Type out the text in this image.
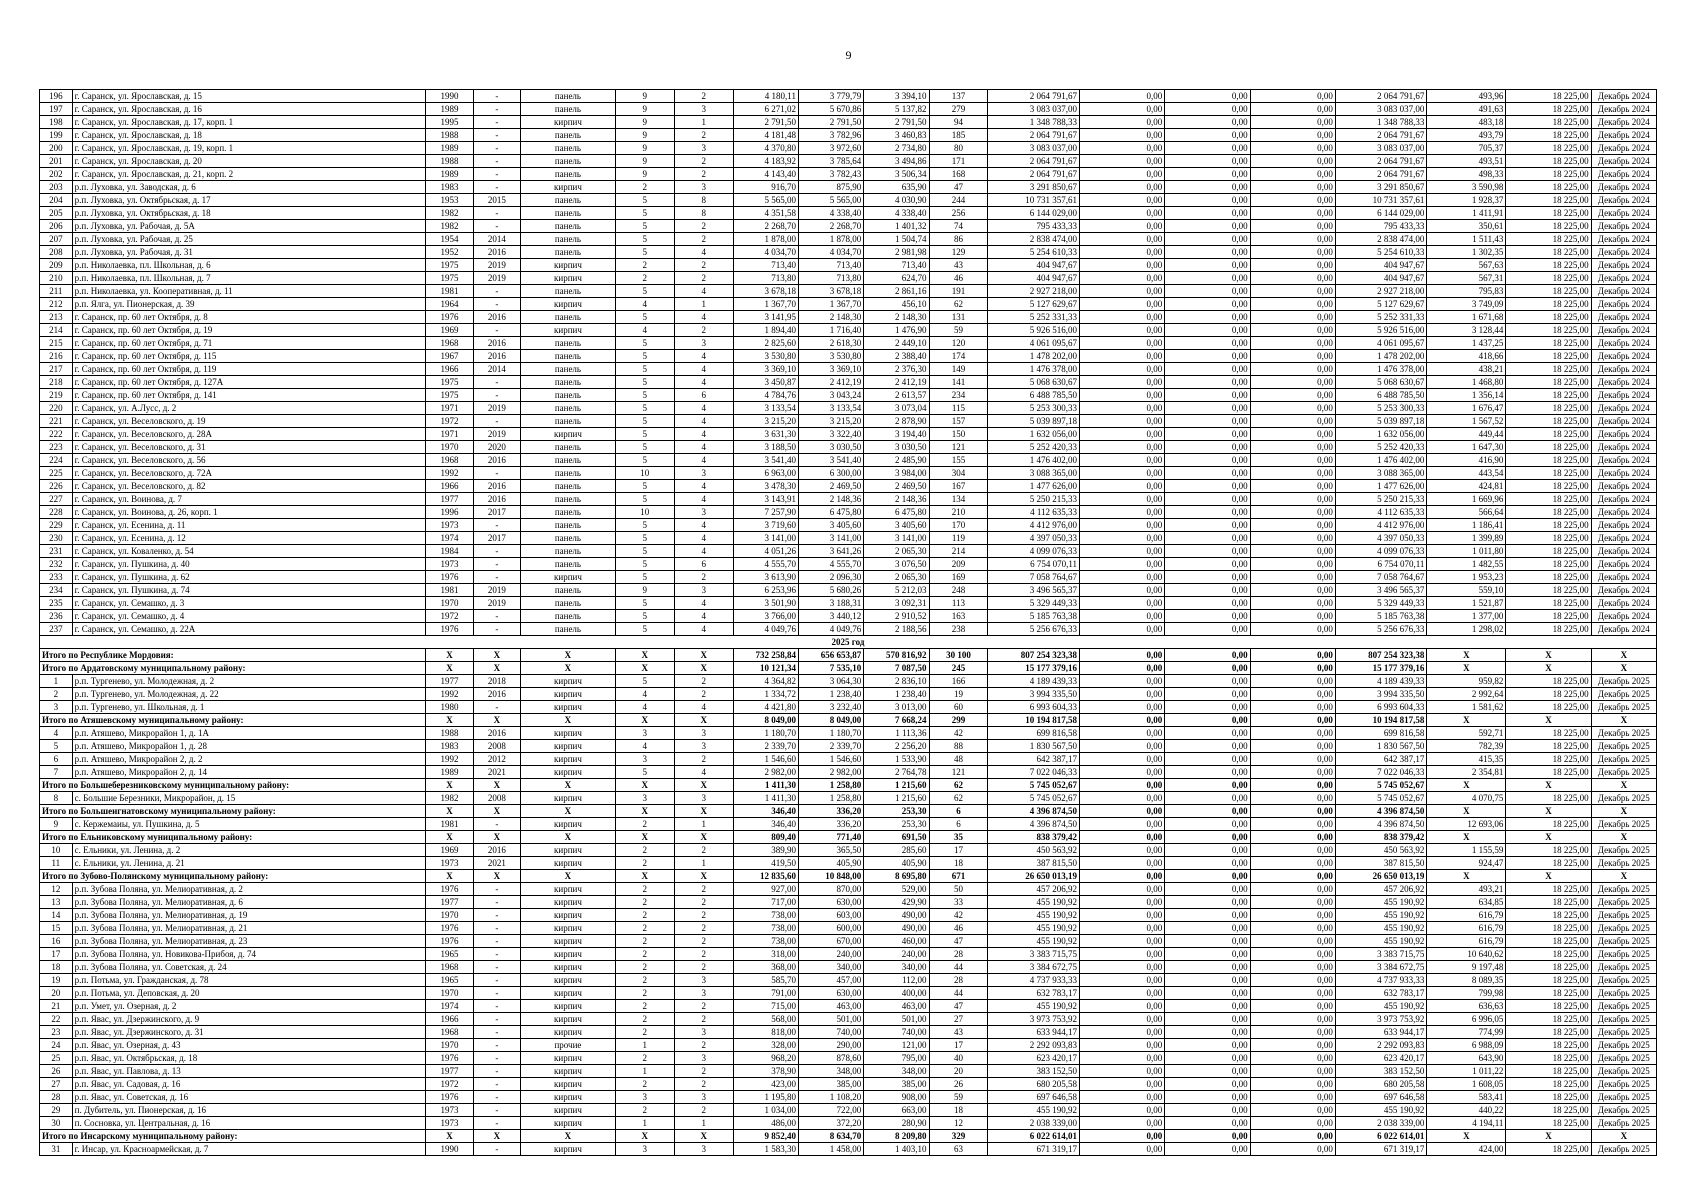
9
196	г. Саранск, ул. Ярославская, д. 15	1990	-	панель	9	2	4 180,11	3 779,79	3 394,10	137	2 064 791,67	0,00	0,00	0,00	2 064 791,67	493,96	18 225,00	Декабрь 2024
197	г. Саранск, ул. Ярославская, д. 16	1989	-	панель	9	3	6 271,02	5 670,86	5 137,82	279	3 083 037,00	0,00	0,00	0,00	3 083 037,00	491,63	18 225,00	Декабрь 2024
198	г. Саранск, ул. Ярославская, д. 17, корп. 1	1995	-	кирпич	9	1	2 791,50	2 791,50	2 791,50	94	1 348 788,33	0,00	0,00	0,00	1 348 788,33	483,18	18 225,00	Декабрь 2024
199	г. Саранск, ул. Ярославская, д. 18	1988	-	панель	9	2	4 181,48	3 782,96	3 460,83	185	2 064 791,67	0,00	0,00	0,00	2 064 791,67	493,79	18 225,00	Декабрь 2024
200	г. Саранск, ул. Ярославская, д. 19, корп. 1	1989	-	панель	9	3	4 370,80	3 972,60	2 734,80	80	3 083 037,00	0,00	0,00	0,00	3 083 037,00	705,37	18 225,00	Декабрь 2024
201	г. Саранск, ул. Ярославская, д. 20	1988	-	панель	9	2	4 183,92	3 785,64	3 494,86	171	2 064 791,67	0,00	0,00	0,00	2 064 791,67	493,51	18 225,00	Декабрь 2024
202	г. Саранск, ул. Ярославская, д. 21, корп. 2	1989	-	панель	9	2	4 143,40	3 782,43	3 506,34	168	2 064 791,67	0,00	0,00	0,00	2 064 791,67	498,33	18 225,00	Декабрь 2024
203	р.п. Луховка, ул. Заводская, д. 6	1983	-	кирпич	2	3	916,70	875,90	635,90	47	3 291 850,67	0,00	0,00	0,00	3 291 850,67	3 590,98	18 225,00	Декабрь 2024
204	р.п. Луховка, ул. Октябрьская, д. 17	1953	2015	панель	5	8	5 565,00	5 565,00	4 030,90	244	10 731 357,61	0,00	0,00	0,00	10 731 357,61	1 928,37	18 225,00	Декабрь 2024
205	р.п. Луховка, ул. Октябрьская, д. 18	1982	-	панель	5	8	4 351,58	4 338,40	4 338,40	256	6 144 029,00	0,00	0,00	0,00	6 144 029,00	1 411,91	18 225,00	Декабрь 2024
206	р.п. Луховка, ул. Рабочая, д. 5А	1982	-	панель	5	2	2 268,70	2 268,70	1 401,32	74	795 433,33	0,00	0,00	0,00	795 433,33	350,61	18 225,00	Декабрь 2024
207	р.п. Луховка, ул. Рабочая, д. 25	1954	2014	панель	5	2	1 878,00	1 878,00	1 504,74	86	2 838 474,00	0,00	0,00	0,00	2 838 474,00	1 511,43	18 225,00	Декабрь 2024
208	р.п. Луховка, ул. Рабочая, д. 31	1952	2016	панель	5	4	4 034,70	4 034,70	2 981,98	129	5 254 610,33	0,00	0,00	0,00	5 254 610,33	1 302,35	18 225,00	Декабрь 2024
209	р.п. Николаевка, пл. Школьная, д. 6	1975	2019	кирпич	2	2	713,40	713,40	713,40	43	404 947,67	0,00	0,00	0,00	404 947,67	567,63	18 225,00	Декабрь 2024
210	р.п. Николаевка, пл. Школьная, д. 7	1975	2019	кирпич	2	2	713,80	713,80	624,70	46	404 947,67	0,00	0,00	0,00	404 947,67	567,31	18 225,00	Декабрь 2024
211	р.п. Николаевка, ул. Кооперативная, д. 11	1981	-	панель	5	4	3 678,18	3 678,18	2 861,16	191	2 927 218,00	0,00	0,00	0,00	2 927 218,00	795,83	18 225,00	Декабрь 2024
212	р.п. Ялга, ул. Пионерская, д. 39	1964	-	кирпич	4	1	1 367,70	1 367,70	456,10	62	5 127 629,67	0,00	0,00	0,00	5 127 629,67	3 749,09	18 225,00	Декабрь 2024
213	г. Саранск, пр. 60 лет Октября, д. 8	1976	2016	панель	5	4	3 141,95	2 148,30	2 148,30	131	5 252 331,33	0,00	0,00	0,00	5 252 331,33	1 671,68	18 225,00	Декабрь 2024
214	г. Саранск, пр. 60 лет Октября, д. 19	1969	-	кирпич	4	2	1 894,40	1 716,40	1 476,90	59	5 926 516,00	0,00	0,00	0,00	5 926 516,00	3 128,44	18 225,00	Декабрь 2024
215	г. Саранск, пр. 60 лет Октября, д. 71	1968	2016	панель	5	3	2 825,60	2 618,30	2 449,10	120	4 061 095,67	0,00	0,00	0,00	4 061 095,67	1 437,25	18 225,00	Декабрь 2024
216	г. Саранск, пр. 60 лет Октября, д. 115	1967	2016	панель	5	4	3 530,80	3 530,80	2 388,40	174	1 478 202,00	0,00	0,00	0,00	1 478 202,00	418,66	18 225,00	Декабрь 2024
217	г. Саранск, пр. 60 лет Октября, д. 119	1966	2014	панель	5	4	3 369,10	3 369,10	2 376,30	149	1 476 378,00	0,00	0,00	0,00	1 476 378,00	438,21	18 225,00	Декабрь 2024
218	г. Саранск, пр. 60 лет Октября, д. 127А	1975	-	панель	5	4	3 450,87	2 412,19	2 412,19	141	5 068 630,67	0,00	0,00	0,00	5 068 630,67	1 468,80	18 225,00	Декабрь 2024
219	г. Саранск, пр. 60 лет Октября, д. 141	1975	-	панель	5	6	4 784,76	3 043,24	2 613,57	234	6 488 785,50	0,00	0,00	0,00	6 488 785,50	1 356,14	18 225,00	Декабрь 2024
220	г. Саранск, ул. А.Лусс, д. 2	1971	2019	панель	5	4	3 133,54	3 133,54	3 073,04	115	5 253 300,33	0,00	0,00	0,00	5 253 300,33	1 676,47	18 225,00	Декабрь 2024
221	г. Саранск, ул. Веселовского, д. 19	1972	-	панель	5	4	3 215,20	3 215,20	2 878,90	157	5 039 897,18	0,00	0,00	0,00	5 039 897,18	1 567,52	18 225,00	Декабрь 2024
222	г. Саранск, ул. Веселовского, д. 28А	1971	2019	кирпич	5	4	3 631,30	3 322,40	3 194,40	150	1 632 056,00	0,00	0,00	0,00	1 632 056,00	449,44	18 225,00	Декабрь 2024
223	г. Саранск, ул. Веселовского, д. 31	1970	2020	панель	5	4	3 188,50	3 030,50	3 030,50	121	5 252 420,33	0,00	0,00	0,00	5 252 420,33	1 647,30	18 225,00	Декабрь 2024
224	г. Саранск, ул. Веселовского, д. 56	1968	2016	панель	5	4	3 541,40	3 541,40	2 485,90	155	1 476 402,00	0,00	0,00	0,00	1 476 402,00	416,90	18 225,00	Декабрь 2024
225	г. Саранск, ул. Веселовского, д. 72А	1992	-	панель	10	3	6 963,00	6 300,00	3 984,00	304	3 088 365,00	0,00	0,00	0,00	3 088 365,00	443,54	18 225,00	Декабрь 2024
226	г. Саранск, ул. Веселовского, д. 82	1966	2016	панель	5	4	3 478,30	2 469,50	2 469,50	167	1 477 626,00	0,00	0,00	0,00	1 477 626,00	424,81	18 225,00	Декабрь 2024
227	г. Саранск, ул. Воинова, д. 7	1977	2016	панель	5	4	3 143,91	2 148,36	2 148,36	134	5 250 215,33	0,00	0,00	0,00	5 250 215,33	1 669,96	18 225,00	Декабрь 2024
228	г. Саранск, ул. Воинова, д. 26, корп. 1	1996	2017	панель	10	3	7 257,90	6 475,80	6 475,80	210	4 112 635,33	0,00	0,00	0,00	4 112 635,33	566,64	18 225,00	Декабрь 2024
229	г. Саранск, ул. Есенина, д. 11	1973	-	панель	5	4	3 719,60	3 405,60	3 405,60	170	4 412 976,00	0,00	0,00	0,00	4 412 976,00	1 186,41	18 225,00	Декабрь 2024
230	г. Саранск, ул. Есенина, д. 12	1974	2017	панель	5	4	3 141,00	3 141,00	3 141,00	119	4 397 050,33	0,00	0,00	0,00	4 397 050,33	1 399,89	18 225,00	Декабрь 2024
231	г. Саранск, ул. Коваленко, д. 54	1984	-	панель	5	4	4 051,26	3 641,26	2 065,30	214	4 099 076,33	0,00	0,00	0,00	4 099 076,33	1 011,80	18 225,00	Декабрь 2024
232	г. Саранск, ул. Пушкина, д. 40	1973	-	панель	5	6	4 555,70	4 555,70	3 076,50	209	6 754 070,11	0,00	0,00	0,00	6 754 070,11	1 482,55	18 225,00	Декабрь 2024
233	г. Саранск, ул. Пушкина, д. 62	1976	-	кирпич	5	2	3 613,90	2 096,30	2 065,30	169	7 058 764,67	0,00	0,00	0,00	7 058 764,67	1 953,23	18 225,00	Декабрь 2024
234	г. Саранск, ул. Пушкина, д. 74	1981	2019	панель	9	3	6 253,96	5 680,26	5 212,03	248	3 496 565,37	0,00	0,00	0,00	3 496 565,37	559,10	18 225,00	Декабрь 2024
235	г. Саранск, ул. Семашко, д. 3	1970	2019	панель	5	4	3 501,90	3 188,31	3 092,31	113	5 329 449,33	0,00	0,00	0,00	5 329 449,33	1 521,87	18 225,00	Декабрь 2024
236	г. Саранск, ул. Семашко, д. 4	1972	-	панель	5	4	3 766,00	3 440,12	2 910,52	163	5 185 763,38	0,00	0,00	0,00	5 185 763,38	1 377,00	18 225,00	Декабрь 2024
237	г. Саранск, ул. Семашко, д. 22А	1976	-	панель	5	4	4 049,76	4 049,76	2 188,56	238	5 256 676,33	0,00	0,00	0,00	5 256 676,33	1 298,02	18 225,00	Декабрь 2024
2025 год																		
Итого по Республике Мордовия:		X	X	X	X	X	732 258,84	656 653,87	570 816,92	30 100	807 254 323,38	0,00	0,00	0,00	807 254 323,38	X	X	X
Итого по Ардатовскому муниципальному району:		X	X	X	X	X	10 121,34	7 535,10	7 087,50	245	15 177 379,16	0,00	0,00	0,00	15 177 379,16	X	X	X
1	р.п. Тургенево, ул. Молодежная, д. 2	1977	2018	кирпич	5	2	4 364,82	3 064,30	2 836,10	166	4 189 439,33	0,00	0,00	0,00	4 189 439,33	959,82	18 225,00	Декабрь 2025
2	р.п. Тургенево, ул. Молодежная, д. 22	1992	2016	кирпич	4	2	1 334,72	1 238,40	1 238,40	19	3 994 335,50	0,00	0,00	0,00	3 994 335,50	2 992,64	18 225,00	Декабрь 2025
3	р.п. Тургенево, ул. Школьная, д. 1	1980	-	кирпич	4	4	4 421,80	3 232,40	3 013,00	60	6 993 604,33	0,00	0,00	0,00	6 993 604,33	1 581,62	18 225,00	Декабрь 2025
Итого по Атяшевскому муниципальному району:		X	X	X	X	X	8 049,00	8 049,00	7 668,24	299	10 194 817,58	0,00	0,00	0,00	10 194 817,58	X	X	X
4	р.п. Атяшево, Микрорайон 1, д. 1А	1988	2016	кирпич	3	3	1 180,70	1 180,70	1 113,36	42	699 816,58	0,00	0,00	0,00	699 816,58	592,71	18 225,00	Декабрь 2025
5	р.п. Атяшево, Микрорайон 1, д. 28	1983	2008	кирпич	4	3	2 339,70	2 339,70	2 256,20	88	1 830 567,50	0,00	0,00	0,00	1 830 567,50	782,39	18 225,00	Декабрь 2025
6	р.п. Атяшево, Микрорайон 2, д. 2	1992	2012	кирпич	3	2	1 546,60	1 546,60	1 533,90	48	642 387,17	0,00	0,00	0,00	642 387,17	415,35	18 225,00	Декабрь 2025
7	р.п. Атяшево, Микрорайон 2, д. 14	1989	2021	кирпич	5	4	2 982,00	2 982,00	2 764,78	121	7 022 046,33	0,00	0,00	0,00	7 022 046,33	2 354,81	18 225,00	Декабрь 2025
Итого по Большеберезниковскому муниципальному району:		X	X	X	X	X	1 411,30	1 258,80	1 215,60	62	5 745 052,67	0,00	0,00	0,00	5 745 052,67	X	X	X
8	с. Большие Березники, Микрорайон, д. 15	1982	2008	кирпич	3	3	1 411,30	1 258,80	1 215,60	62	5 745 052,67	0,00	0,00	0,00	5 745 052,67	4 070,75	18 225,00	Декабрь 2025
Итого по Большеигнатовскому муниципальному району:		X	X	X	X	X	346,40	336,20	253,30	6	4 396 874,50	0,00	0,00	0,00	4 396 874,50	X	X	X
9	с. Кержемаиы, ул. Пушкина, д. 5	1981	-	кирпич	2	1	346,40	336,20	253,30	6	4 396 874,50	0,00	0,00	0,00	4 396 874,50	12 693,06	18 225,00	Декабрь 2025
Итого по Ельниковскому муниципальному району:		X	X	X	X	X	809,40	771,40	691,50	35	838 379,42	0,00	0,00	0,00	838 379,42	X	X	X
10	с. Ельники, ул. Ленина, д. 2	1969	2016	кирпич	2	2	389,90	365,50	285,60	17	450 563,92	0,00	0,00	0,00	450 563,92	1 155,59	18 225,00	Декабрь 2025
11	с. Ельники, ул. Ленина, д. 21	1973	2021	кирпич	2	1	419,50	405,90	405,90	18	387 815,50	0,00	0,00	0,00	387 815,50	924,47	18 225,00	Декабрь 2025
Итого по Зубово-Полянскому муниципальному району:		X	X	X	X	X	12 835,60	10 848,00	8 695,80	671	26 650 013,19	0,00	0,00	0,00	26 650 013,19	X	X	X
12	р.п. Зубова Поляна, ул. Мелиоративная, д. 2	1976	-	кирпич	2	2	927,00	870,00	529,00	50	457 206,92	0,00	0,00	0,00	457 206,92	493,21	18 225,00	Декабрь 2025
13	р.п. Зубова Поляна, ул. Мелиоративная, д. 6	1977	-	кирпич	2	2	717,00	630,00	429,90	33	455 190,92	0,00	0,00	0,00	455 190,92	634,85	18 225,00	Декабрь 2025
14	р.п. Зубова Поляна, ул. Мелиоративная, д. 19	1970	-	кирпич	2	2	738,00	603,00	490,00	42	455 190,92	0,00	0,00	0,00	455 190,92	616,79	18 225,00	Декабрь 2025
15	р.п. Зубова Поляна, ул. Мелиоративная, д. 21	1976	-	кирпич	2	2	738,00	600,00	490,00	46	455 190,92	0,00	0,00	0,00	455 190,92	616,79	18 225,00	Декабрь 2025
16	р.п. Зубова Поляна, ул. Мелиоративная, д. 23	1976	-	кирпич	2	2	738,00	670,00	460,00	47	455 190,92	0,00	0,00	0,00	455 190,92	616,79	18 225,00	Декабрь 2025
17	р.п. Зубова Поляна, ул. Новикова-Прибоя, д. 74	1965	-	кирпич	2	2	318,00	240,00	240,00	28	3 383 715,75	0,00	0,00	0,00	3 383 715,75	10 640,62	18 225,00	Декабрь 2025
18	р.п. Зубова Поляна, ул. Советская, д. 24	1968	-	кирпич	2	2	368,00	340,00	340,00	44	3 384 672,75	0,00	0,00	0,00	3 384 672,75	9 197,48	18 225,00	Декабрь 2025
19	р.п. Потьма, ул. Гражданская, д. 78	1965	-	кирпич	2	3	585,70	457,00	112,00	28	4 737 933,33	0,00	0,00	0,00	4 737 933,33	8 089,35	18 225,00	Декабрь 2025
20	р.п. Потьма, ул. Деповская, д. 20	1970	-	кирпич	2	3	791,00	630,00	400,00	44	632 783,17	0,00	0,00	0,00	632 783,17	799,98	18 225,00	Декабрь 2025
21	р.п. Умет, ул. Озерная, д. 2	1974	-	кирпич	2	2	715,00	463,00	463,00	47	455 190,92	0,00	0,00	0,00	455 190,92	636,63	18 225,00	Декабрь 2025
22	р.п. Явас, ул. Дзержинского, д. 9	1966	-	кирпич	2	2	568,00	501,00	501,00	27	3 973 753,92	0,00	0,00	0,00	3 973 753,92	6 996,05	18 225,00	Декабрь 2025
23	р.п. Явас, ул. Дзержинского, д. 31	1968	-	кирпич	2	3	818,00	740,00	740,00	43	633 944,17	0,00	0,00	0,00	633 944,17	774,99	18 225,00	Декабрь 2025
24	р.п. Явас, ул. Озерная, д. 43	1970	-	прочие	1	2	328,00	290,00	121,00	17	2 292 093,83	0,00	0,00	0,00	2 292 093,83	6 988,09	18 225,00	Декабрь 2025
25	р.п. Явас, ул. Октябрьская, д. 18	1976	-	кирпич	2	3	968,20	878,60	795,00	40	623 420,17	0,00	0,00	0,00	623 420,17	643,90	18 225,00	Декабрь 2025
26	р.п. Явас, ул. Павлова, д. 13	1977	-	кирпич	1	2	378,90	348,00	348,00	20	383 152,50	0,00	0,00	0,00	383 152,50	1 011,22	18 225,00	Декабрь 2025
27	р.п. Явас, ул. Садовая, д. 16	1972	-	кирпич	2	2	423,00	385,00	385,00	26	680 205,58	0,00	0,00	0,00	680 205,58	1 608,05	18 225,00	Декабрь 2025
28	р.п. Явас, ул. Советская, д. 16	1976	-	кирпич	3	3	1 195,80	1 108,20	908,00	59	697 646,58	0,00	0,00	0,00	697 646,58	583,41	18 225,00	Декабрь 2025
29	п. Дубитель, ул. Пионерская, д. 16	1973	-	кирпич	2	2	1 034,00	722,00	663,00	18	455 190,92	0,00	0,00	0,00	455 190,92	440,22	18 225,00	Декабрь 2025
30	п. Сосновка, ул. Центральная, д. 16	1973	-	кирпич	1	1	486,00	372,20	280,90	12	2 038 339,00	0,00	0,00	0,00	2 038 339,00	4 194,11	18 225,00	Декабрь 2025
Итого по Инсарскому муниципальному району:		X	X	X	X	X	9 852,40	8 634,70	8 209,80	329	6 022 614,01	0,00	0,00	0,00	6 022 614,01	X	X	X
31	г. Инсар, ул. Красноармейская, д. 7	1990	-	кирпич	3	3	1 583,30	1 458,00	1 403,10	63	671 319,17	0,00	0,00	0,00	671 319,17	424,00	18 225,00	Декабрь 2025
